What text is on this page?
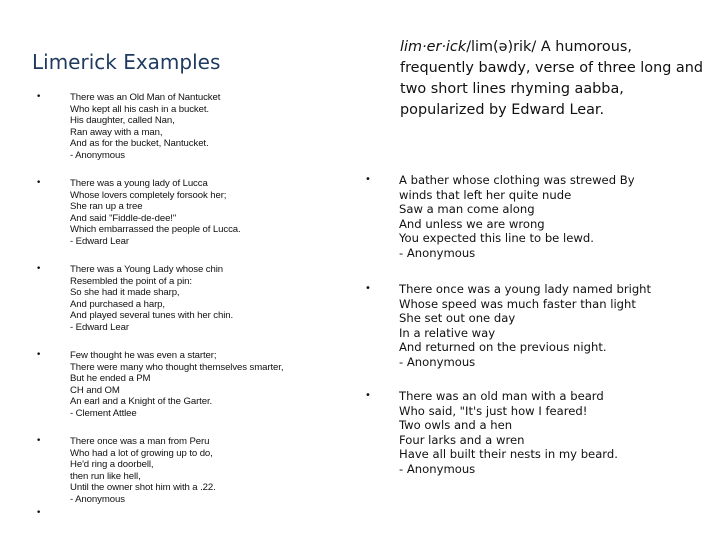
Limerick Examples
lim·er·ick/lim(ə)rik/ A humorous, frequently bawdy, verse of three long and two short lines rhyming aabba, popularized by Edward Lear.
•	There was an Old Man of Nantucket
Who kept all his cash in a bucket.
His daughter, called Nan,
Ran away with a man,
And as for the bucket, Nantucket.
- Anonymous
•	There was a young lady of Lucca
Whose lovers completely forsook her;
She ran up a tree
And said "Fiddle-de-dee!"
Which embarrassed the people of Lucca.
- Edward Lear
•	There was a Young Lady whose chin
Resembled the point of a pin:
So she had it made sharp,
And purchased a harp,
And played several tunes with her chin.
- Edward Lear
•	Few thought he was even a starter;
There were many who thought themselves smarter,
But he ended a PM
CH and OM
An earl and a Knight of the Garter.
- Clement Attlee
•	There once was a man from Peru
Who had a lot of growing up to do,
He'd ring a doorbell,
then run like hell,
Until the owner shot him with a .22.
- Anonymous
•
• A bather whose clothing was strewed By
winds that left her quite nude
Saw a man come along
And unless we are wrong
You expected this line to be lewd.
- Anonymous
• There once was a young lady named bright
Whose speed was much faster than light
She set out one day
In a relative way
And returned on the previous night.
- Anonymous
• There was an old man with a beard
Who said, "It's just how I feared!
Two owls and a hen
Four larks and a wren
Have all built their nests in my beard.
- Anonymous
